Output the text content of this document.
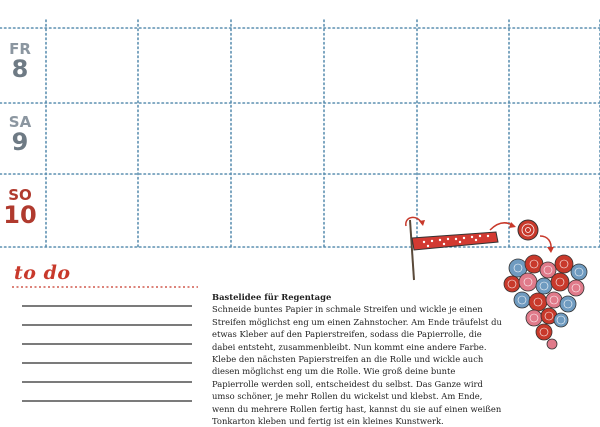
FR
8
SA
9
SO
10
to do
Bastelidee für Regentage
Schneide buntes Papier in schmale Streifen und wickle je einen Streifen möglichst eng um einen Zahnstocher. Am Ende träufelst du etwas Kleber auf den Papierstreifen, sodass die Papierrolle, die dabei entsteht, zusammenbleibt. Nun kommt eine andere Farbe. Klebe den nächsten Papierstreifen an die Rolle und wickle auch diesen möglichst eng um die Rolle. Wie groß deine bunte Papierrolle werden soll, entscheidest du selbst. Das Ganze wird umso schöner, je mehr Rollen du wickelst und klebst. Am Ende, wenn du mehrere Rollen fertig hast, kannst du sie auf einen weißen Tonkarton kleben und fertig ist ein kleines Kunstwerk.
